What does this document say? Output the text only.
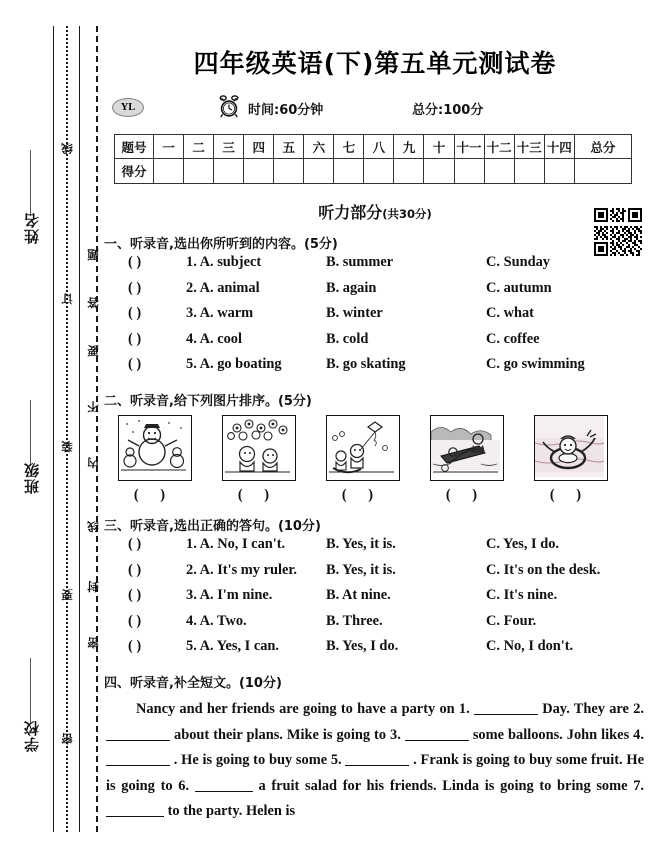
姓名
班级
学校
线
订
装
要
密
题
答
要
不
内
线
封
密
四年级英语(下)第五单元测试卷
YL	时间:60分钟	总分:100分
题号	一	二	三	四	五	六	七	八	九	十	十一	十二	十三	十四	总分
得分															
听力部分(共30分)
一、听录音,选出你所听到的内容。(5分)
( )	1. A. subject	B. summer	C. Sunday
( )	2. A. animal	B. again	C. autumn
( )	3. A. warm	B. winter	C. what
( )	4. A. cool	B. cold	C. coffee
( )	5. A. go boating	B. go skating	C. go swimming
二、听录音,给下列图片排序。(5分)
( )	( )	( )	( )	( )
三、听录音,选出正确的答句。(10分)
( )	1. A. No, I can't.	B. Yes, it is.	C. Yes, I do.
( )	2. A. It's my ruler. B. Yes, it is.	C. It's on the desk.
( )	3. A. I'm nine.	B. At nine.	C. It's nine.
( )	4. A. Two.	B. Three.	C. Four.
( )	5. A. Yes, I can.	B. Yes, I do.	C. No, I don't.
四、听录音,补全短文。(10分)
Nancy and her friends are going to have a party on 1.	Day. They are 2.  about their plans. Mike is going to 3.	some balloons. John likes 4.  . He is going to buy some 5.	. Frank is going to buy some fruit. He is going to 6.	a fruit salad for his friends. Linda is going to bring some 7.  to the party. Helen is
